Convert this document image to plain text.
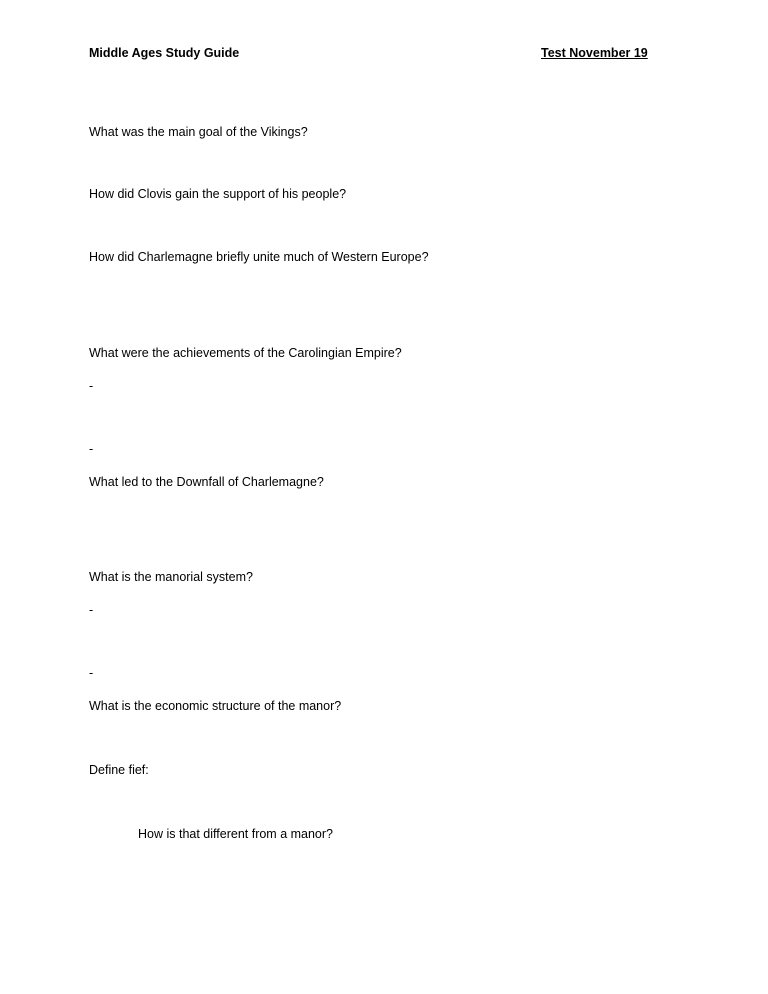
Middle Ages Study Guide	Test November 19
What was the main goal of the Vikings?
How did Clovis gain the support of his people?
How did Charlemagne briefly unite much of Western Europe?
What were the achievements of the Carolingian Empire?
-
-
What led to the Downfall of Charlemagne?
What is the manorial system?
-
-
What is the economic structure of the manor?
Define fief:
How is that different from a manor?
